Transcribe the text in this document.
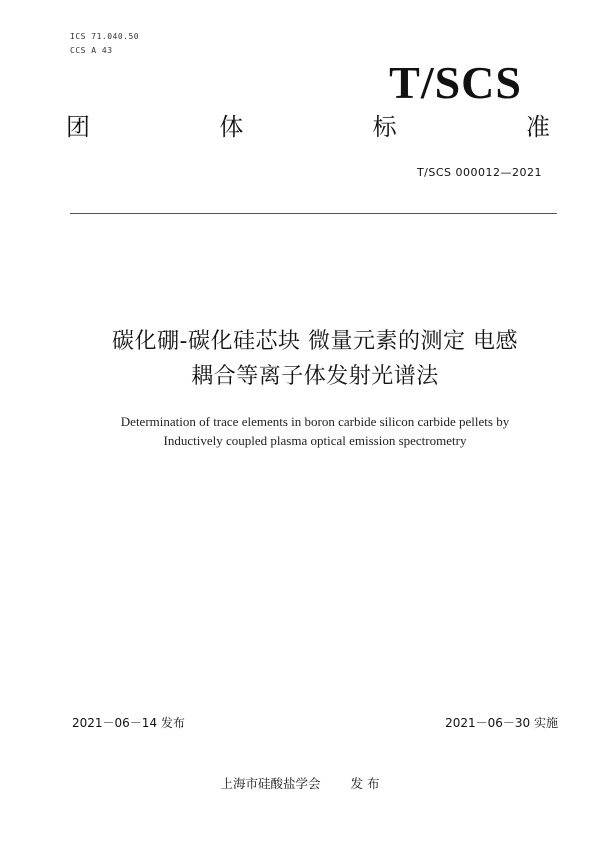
ICS 71.040.50
CCS A 43
T/SCS
团	体	标	准
T/SCS 000012—2021
碳化硼-碳化硅芯块 微量元素的测定 电感
耦合等离子体发射光谱法
Determination of trace elements in boron carbide silicon carbide pellets by
Inductively coupled plasma optical emission spectrometry
2021－06－14 发布	2021－06－30 实施
上海市硅酸盐学会 发 布
